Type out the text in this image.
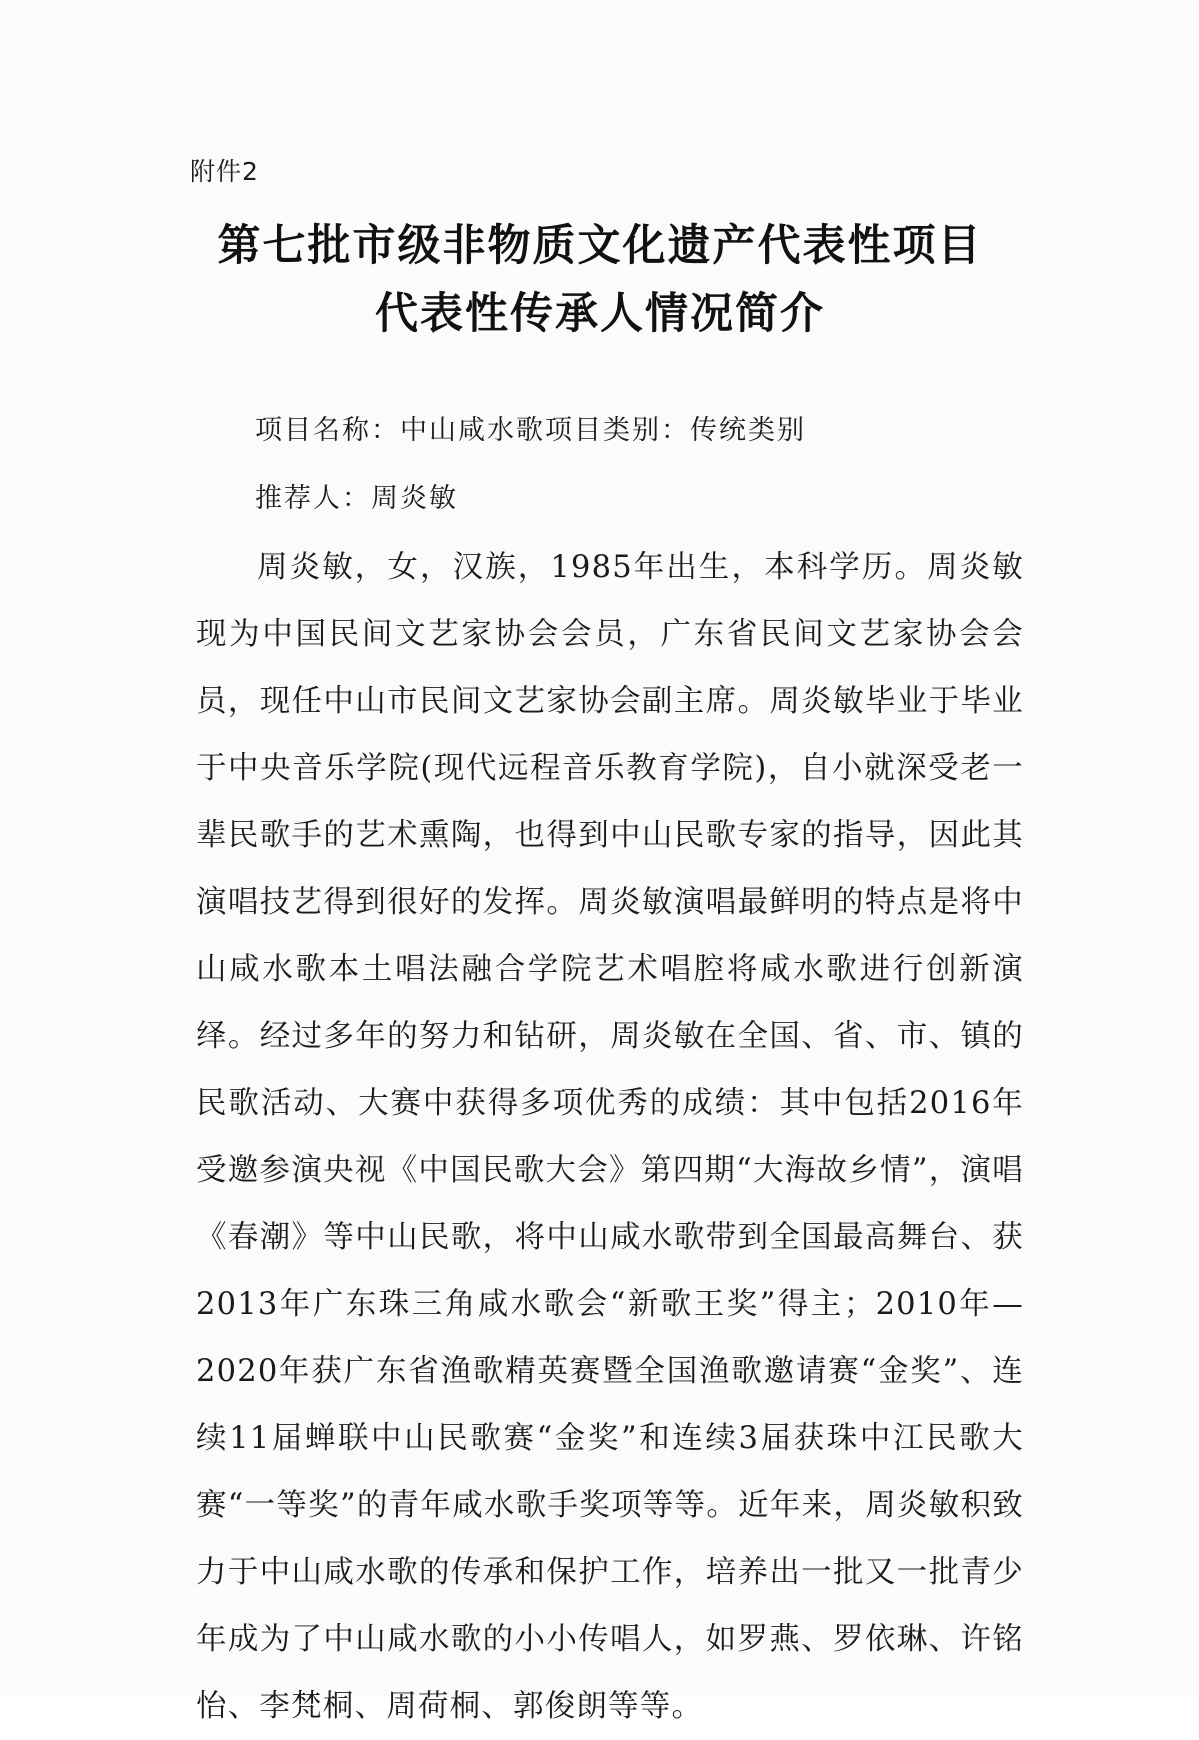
附件2
第七批市级非物质文化遗产代表性项目
代表性传承人情况简介
项目名称：中山咸水歌项目类别：传统类别
推荐人：周炎敏

周炎敏，女，汉族，1985年出生，本科学历。周炎敏现为中国民间文艺家协会会员，广东省民间文艺家协会会员，现任中山市民间文艺家协会副主席。周炎敏毕业于毕业于中央音乐学院(现代远程音乐教育学院)，自小就深受老一辈民歌手的艺术熏陶，也得到中山民歌专家的指导，因此其演唱技艺得到很好的发挥。周炎敏演唱最鲜明的特点是将中山咸水歌本土唱法融合学院艺术唱腔将咸水歌进行创新演绎。经过多年的努力和钻研，周炎敏在全国、省、市、镇的民歌活动、大赛中获得多项优秀的成绩：其中包括2016年受邀参演央视《中国民歌大会》第四期“大海故乡情”，演唱《春潮》等中山民歌，将中山咸水歌带到全国最高舞台、获2013年广东珠三角咸水歌会“新歌王奖”得主；2010年—2020年获广东省渔歌精英赛暨全国渔歌邀请赛“金奖”、连续11届蝉联中山民歌赛“金奖”和连续3届获珠中江民歌大赛“一等奖”的青年咸水歌手奖项等等。近年来，周炎敏积致力于中山咸水歌的传承和保护工作，培养出一批又一批青少年成为了中山咸水歌的小小传唱人，如罗燕、罗依琳、许铭怡、李梵桐、周荷桐、郭俊朗等等。
